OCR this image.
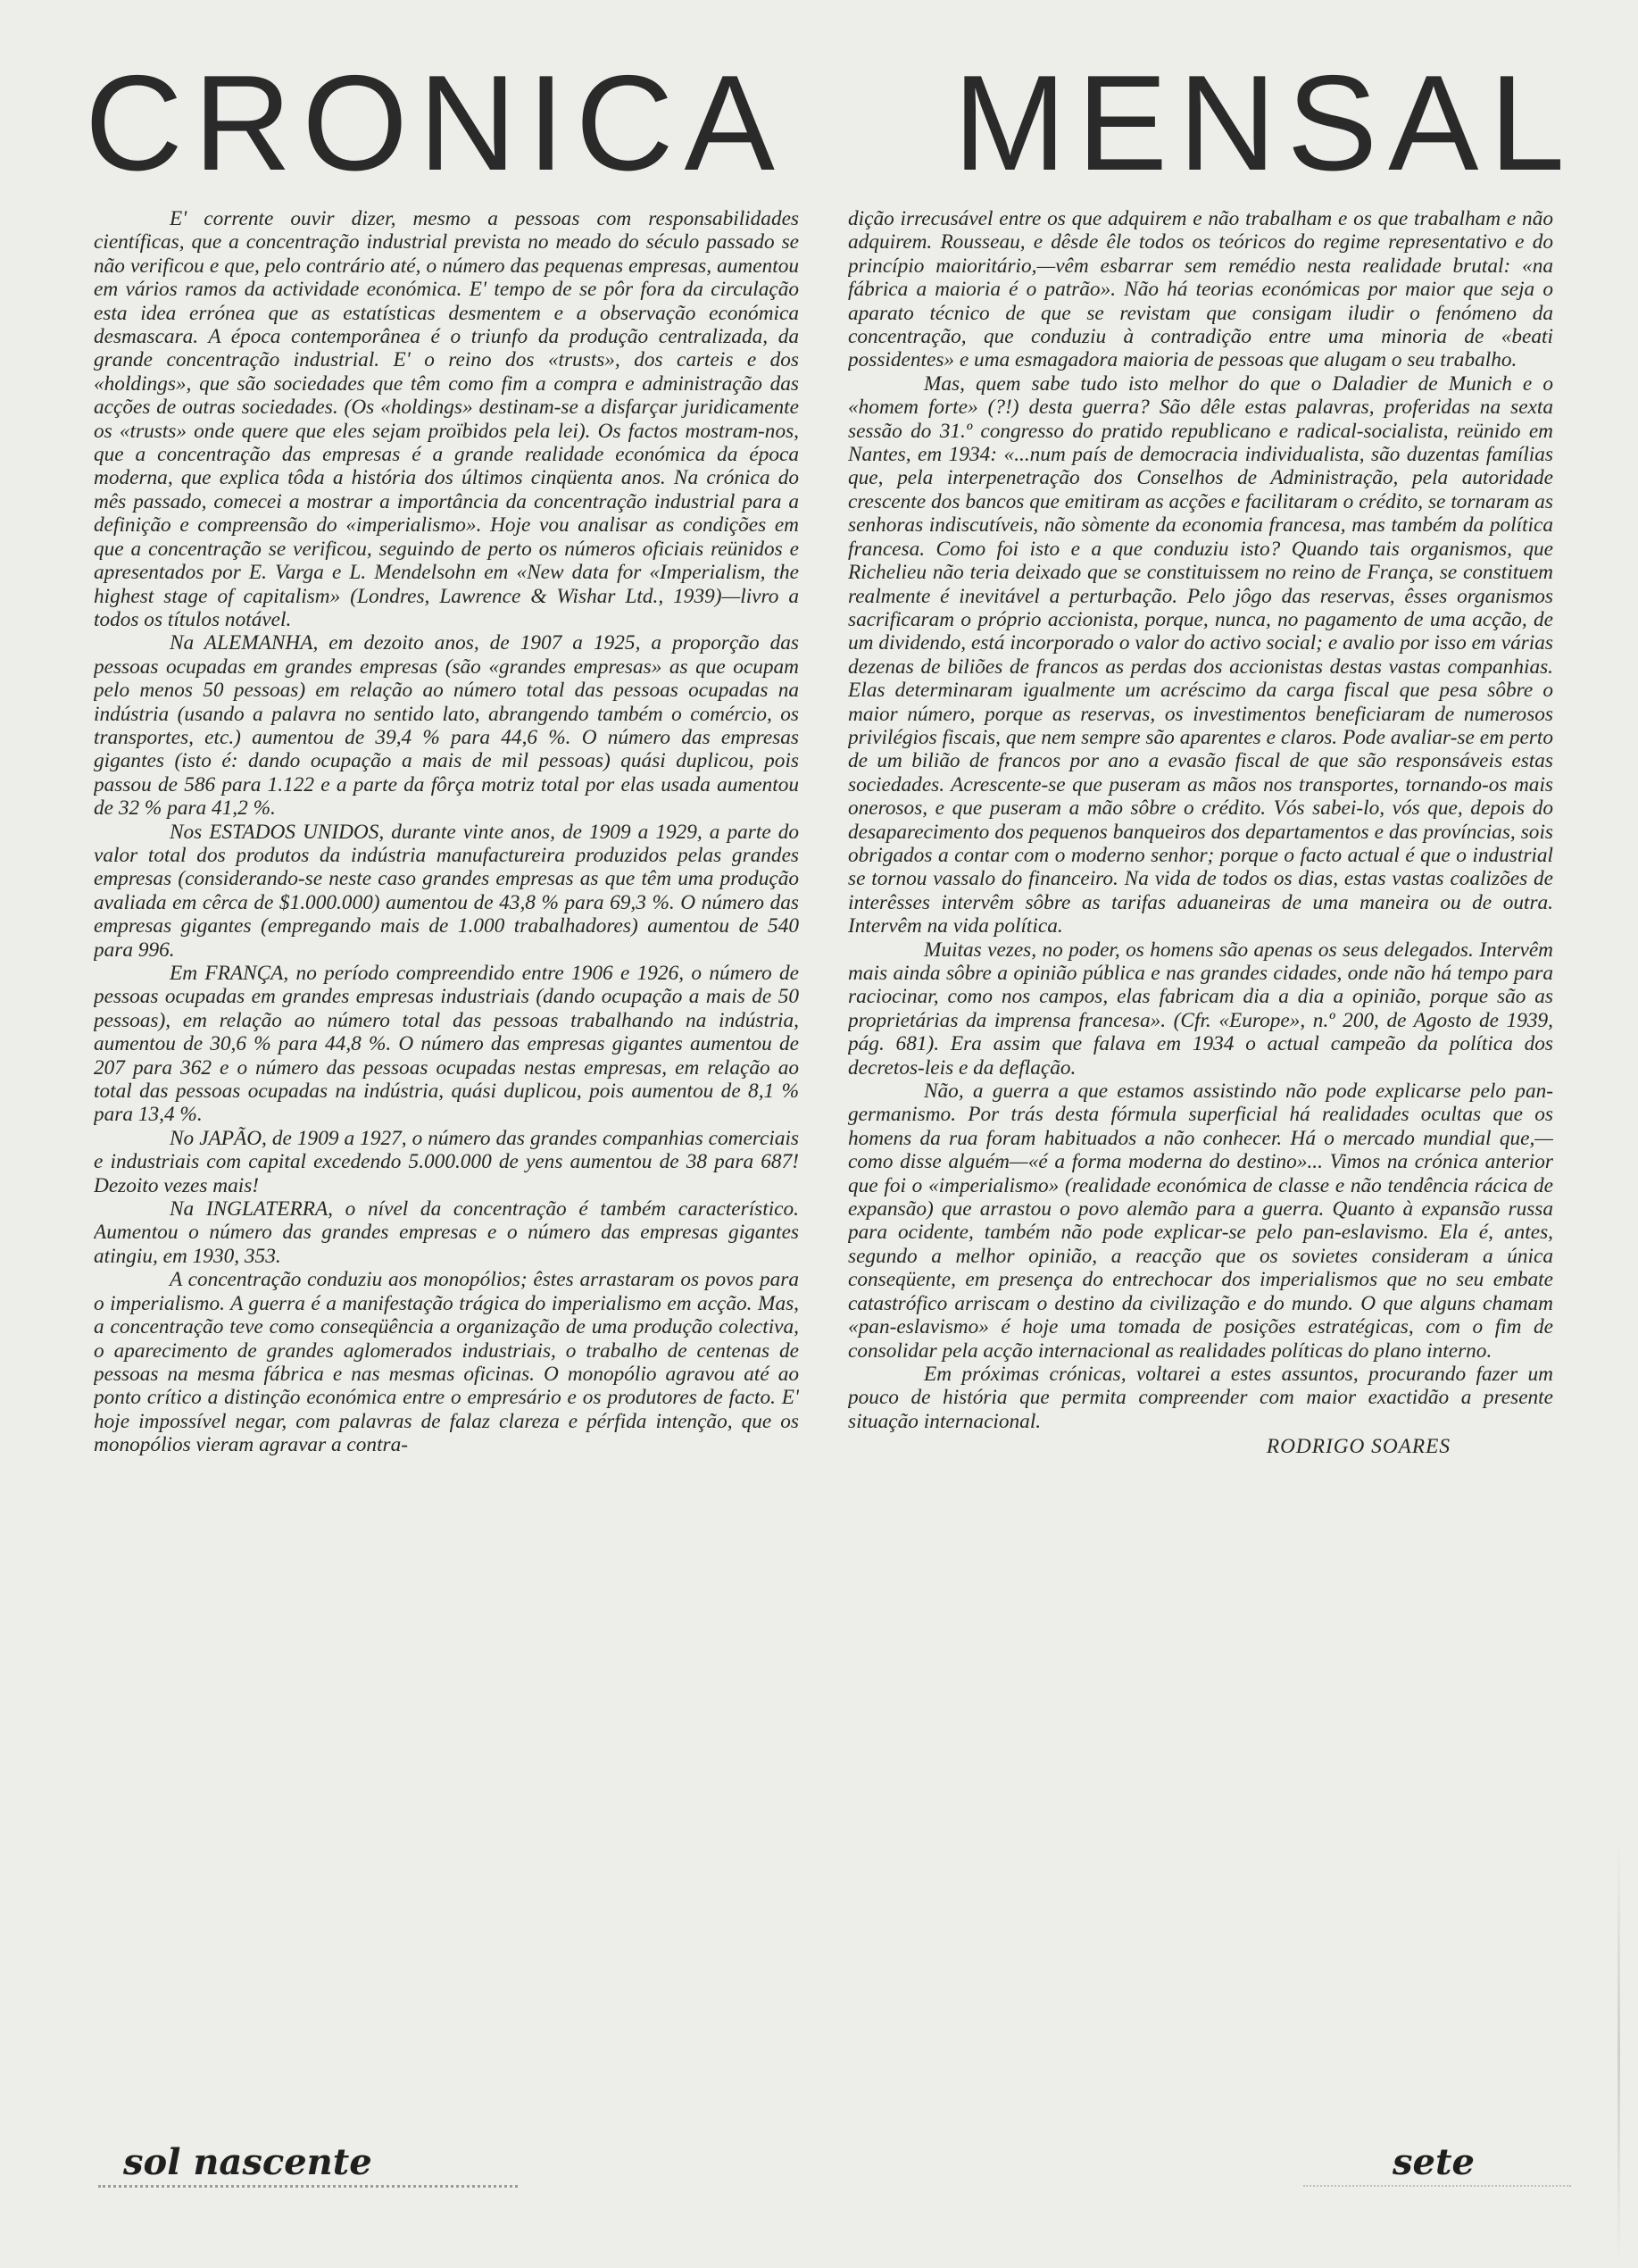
CRONICA MENSAL

E' corrente ouvir dizer, mesmo a pessoas com responsabilidades científicas, que a concentração industrial prevista no meado do século passado se não verificou e que, pelo contrário até, o número das pequenas empresas, aumentou em vários ramos da actividade económica. E' tempo de se pôr fora da circulação esta idea errónea que as estatísticas desmentem e a observação económica desmascara. A época contemporânea é o triunfo da produção centralizada, da grande concentração industrial. E' o reino dos «trusts», dos carteis e dos «holdings», que são sociedades que têm como fim a compra e administração das acções de outras sociedades. (Os «holdings» destinam-se a disfarçar juridicamente os «trusts» onde quere que eles sejam proïbidos pela lei). Os factos mostram-nos, que a concentração das empresas é a grande realidade económica da época moderna, que explica tôda a história dos últimos cinqüenta anos. Na crónica do mês passado, comecei a mostrar a importância da concentração industrial para a definição e compreensão do «imperialismo». Hoje vou analisar as condições em que a concentração se verificou, seguindo de perto os números oficiais reünidos e apresentados por E. Varga e L. Mendelsohn em «New data for «Imperialism, the highest stage of capitalism» (Londres, Lawrence & Wishar Ltd., 1939)—livro a todos os títulos notável.

Na ALEMANHA, em dezoito anos, de 1907 a 1925, a proporção das pessoas ocupadas em grandes empresas (são «grandes empresas» as que ocupam pelo menos 50 pessoas) em relação ao número total das pessoas ocupadas na indústria (usando a palavra no sentido lato, abrangendo também o comércio, os transportes, etc.) aumentou de 39,4 % para 44,6 %. O número das empresas gigantes (isto é: dando ocupação a mais de mil pessoas) quási duplicou, pois passou de 586 para 1.122 e a parte da fôrça motriz total por elas usada aumentou de 32 % para 41,2 %.

Nos ESTADOS UNIDOS, durante vinte anos, de 1909 a 1929, a parte do valor total dos produtos da indústria manufactureira produzidos pelas grandes empresas (considerando-se neste caso grandes empresas as que têm uma produção avaliada em cêrca de $1.000.000) aumentou de 43,8 % para 69,3 %. O número das empresas gigantes (empregando mais de 1.000 trabalhadores) aumentou de 540 para 996.

Em FRANÇA, no período compreendido entre 1906 e 1926, o número de pessoas ocupadas em grandes empresas industriais (dando ocupação a mais de 50 pessoas), em relação ao número total das pessoas trabalhando na indústria, aumentou de 30,6 % para 44,8 %. O número das empresas gigantes aumentou de 207 para 362 e o número das pessoas ocupadas nestas empresas, em relação ao total das pessoas ocupadas na indústria, quási duplicou, pois aumentou de 8,1 % para 13,4 %.

No JAPÃO, de 1909 a 1927, o número das grandes companhias comerciais e industriais com capital excedendo 5.000.000 de yens aumentou de 38 para 687! Dezoito vezes mais!

Na INGLATERRA, o nível da concentração é também característico. Aumentou o número das grandes empresas e o número das empresas gigantes atingiu, em 1930, 353.

A concentração conduziu aos monopólios; êstes arrastaram os povos para o imperialismo. A guerra é a manifestação trágica do imperialismo em acção. Mas, a concentração teve como conseqüência a organização de uma produção colectiva, o aparecimento de grandes aglomerados industriais, o trabalho de centenas de pessoas na mesma fábrica e nas mesmas oficinas. O monopólio agravou até ao ponto crítico a distinção económica entre o empresário e os produtores de facto. E' hoje impossível negar, com palavras de falaz clareza e pérfida intenção, que os monopólios vieram agravar a contra-

dição irrecusável entre os que adquirem e não trabalham e os que trabalham e não adquirem. Rousseau, e dêsde êle todos os teóricos do regime representativo e do princípio maioritário,—vêm esbarrar sem remédio nesta realidade brutal: «na fábrica a maioria é o patrão». Não há teorias económicas por maior que seja o aparato técnico de que se revistam que consigam iludir o fenómeno da concentração, que conduziu à contradição entre uma minoria de «beati possidentes» e uma esmagadora maioria de pessoas que alugam o seu trabalho.

Mas, quem sabe tudo isto melhor do que o Daladier de Munich e o «homem forte» (?!) desta guerra? São dêle estas palavras, proferidas na sexta sessão do 31.º congresso do pratido republicano e radical-socialista, reünido em Nantes, em 1934: «...num país de democracia individualista, são duzentas famílias que, pela interpenetração dos Conselhos de Administração, pela autoridade crescente dos bancos que emitiram as acções e facilitaram o crédito, se tornaram as senhoras indiscutíveis, não sòmente da economia francesa, mas também da política francesa. Como foi isto e a que conduziu isto? Quando tais organismos, que Richelieu não teria deixado que se constituissem no reino de França, se constituem realmente é inevitável a perturbação. Pelo jôgo das reservas, êsses organismos sacrificaram o próprio accionista, porque, nunca, no pagamento de uma acção, de um dividendo, está incorporado o valor do activo social; e avalio por isso em várias dezenas de biliões de francos as perdas dos accionistas destas vastas companhias. Elas determinaram igualmente um acréscimo da carga fiscal que pesa sôbre o maior número, porque as reservas, os investimentos beneficiaram de numerosos privilégios fiscais, que nem sempre são aparentes e claros. Pode avaliar-se em perto de um bilião de francos por ano a evasão fiscal de que são responsáveis estas sociedades. Acrescente-se que puseram as mãos nos transportes, tornando-os mais onerosos, e que puseram a mão sôbre o crédito. Vós sabei-lo, vós que, depois do desaparecimento dos pequenos banqueiros dos departamentos e das províncias, sois obrigados a contar com o moderno senhor; porque o facto actual é que o industrial se tornou vassalo do financeiro. Na vida de todos os dias, estas vastas coalizões de interêsses intervêm sôbre as tarifas aduaneiras de uma maneira ou de outra. Intervêm na vida política.

Muitas vezes, no poder, os homens são apenas os seus delegados. Intervêm mais ainda sôbre a opinião pública e nas grandes cidades, onde não há tempo para raciocinar, como nos campos, elas fabricam dia a dia a opinião, porque são as proprietárias da imprensa francesa». (Cfr. «Europe», n.º 200, de Agosto de 1939, pág. 681). Era assim que falava em 1934 o actual campeão da política dos decretos-leis e da deflação.

Não, a guerra a que estamos assistindo não pode explicarse pelo pan-germanismo. Por trás desta fórmula superficial há realidades ocultas que os homens da rua foram habituados a não conhecer. Há o mercado mundial que,—como disse alguém—«é a forma moderna do destino»... Vimos na crónica anterior que foi o «imperialismo» (realidade económica de classe e não tendência rácica de expansão) que arrastou o povo alemão para a guerra. Quanto à expansão russa para ocidente, também não pode explicar-se pelo pan-eslavismo. Ela é, antes, segundo a melhor opinião, a reacção que os sovietes consideram a única conseqüente, em presença do entrechocar dos imperialismos que no seu embate catastrófico arriscam o destino da civilização e do mundo. O que alguns chamam «pan-eslavismo» é hoje uma tomada de posições estratégicas, com o fim de consolidar pela acção internacional as realidades políticas do plano interno.

Em próximas crónicas, voltarei a estes assuntos, procurando fazer um pouco de história que permita compreender com maior exactidão a presente situação internacional.

RODRIGO SOARES
sol nascente	sete
